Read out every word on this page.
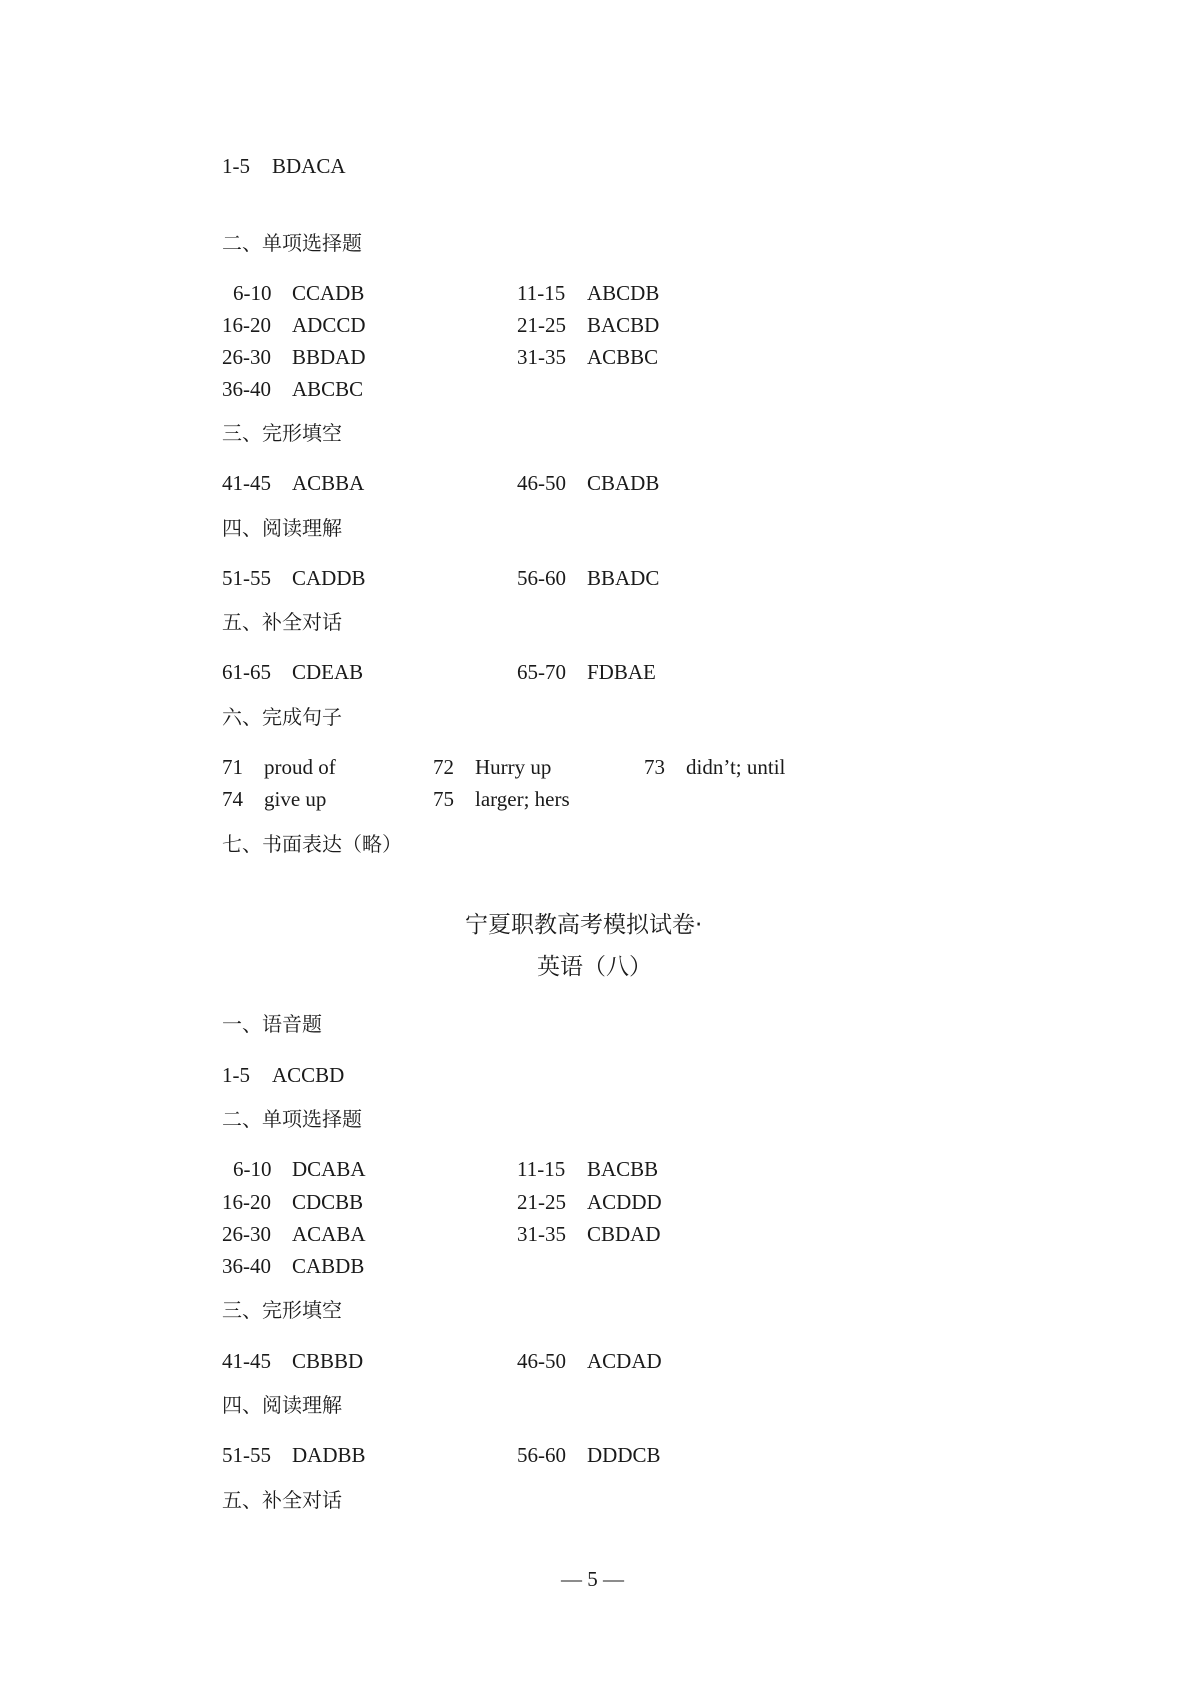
1-5 BDACA
二、单项选择题
6-10 CCADB	11-15 ABCDB
16-20 ADCCD	21-25 BACBD
26-30 BBDAD	31-35 ACBBC
36-40 ABCBC
三、完形填空
41-45 ACBBA	46-50 CBADB
四、阅读理解
51-55 CADDB	56-60 BBADC
五、补全对话
61-65 CDEAB	65-70 FDBAE
六、完成句子
71 proud of	72 Hurry up	73 didn’t; until
74 give up	75 larger; hers
七、书面表达（略）
宁夏职教高考模拟试卷·
英语（八）
一、语音题
1-5 ACCBD
二、单项选择题
6-10 DCABA	11-15 BACBB
16-20 CDCBB	21-25 ACDDD
26-30 ACABA	31-35 CBDAD
36-40 CABDB
三、完形填空
41-45 CBBBD	46-50 ACDAD
四、阅读理解
51-55 DADBB	56-60 DDDCB
五、补全对话
— 5 —
